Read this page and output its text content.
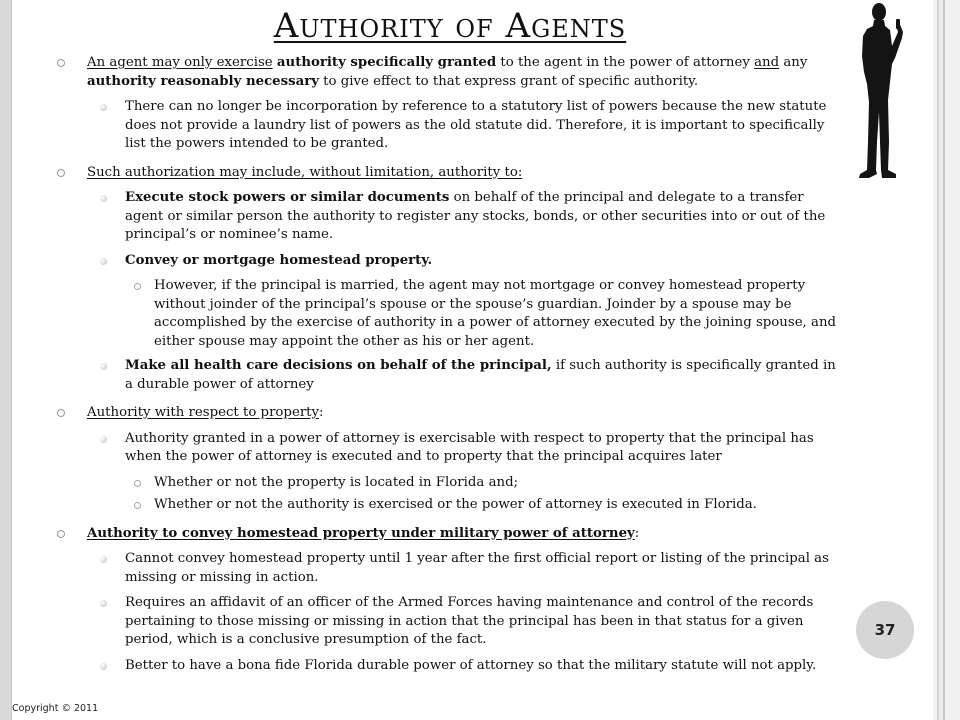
Authority of Agents
An agent may only exercise authority specifically granted to the agent in the power of attorney and any authority reasonably necessary to give effect to that express grant of specific authority.
There can no longer be incorporation by reference to a statutory list of powers because the new statute does not provide a laundry list of powers as the old statute did. Therefore, it is important to specifically list the powers intended to be granted.
Such authorization may include, without limitation, authority to:
Execute stock powers or similar documents on behalf of the principal and delegate to a transfer agent or similar person the authority to register any stocks, bonds, or other securities into or out of the principal’s or nominee’s name.
Convey or mortgage homestead property.
However, if the principal is married, the agent may not mortgage or convey homestead property without joinder of the principal’s spouse or the spouse’s guardian. Joinder by a spouse may be accomplished by the exercise of authority in a power of attorney executed by the joining spouse, and either spouse may appoint the other as his or her agent.
Make all health care decisions on behalf of the principal, if such authority is specifically granted in a durable power of attorney
Authority with respect to property:
Authority granted in a power of attorney is exercisable with respect to property that the principal has when the power of attorney is executed and to property that the principal acquires later
Whether or not the property is located in Florida and;
Whether or not the authority is exercised or the power of attorney is executed in Florida.
Authority to convey homestead property under military power of attorney:
Cannot convey homestead property until 1 year after the first official report or listing of the principal as missing or missing in action.
Requires an affidavit of an officer of the Armed Forces having maintenance and control of the records pertaining to those missing or missing in action that the principal has been in that status for a given period, which is a conclusive presumption of the fact.
Better to have a bona fide Florida durable power of attorney so that the military statute will not apply.
37
Copyright © 2011
